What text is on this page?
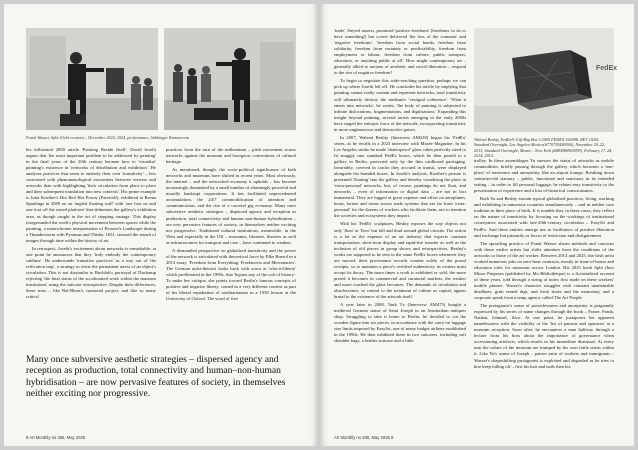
Frank Wasser, Split (Gebi version) – December 2024, 2024, performance, Sabbinger Kunstverein

his influential 2000 article 'Painting Beside Itself', David Joselit argues that 'the most important problem to be addressed by painting' in the final years of the 20th century became how to 'visualise' painting's existence in 'networks of distribution and exhibition'. He analyses practices that seem to embody their own 'transitivity' – less concerned with phenomenological encounters between viewers and artworks than with highlighting 'their circulation from place to place and their subsequent translation into new contexts'. His prime example is Jutta Koether's Hot Red Hot Power (Farewell), exhibited at Reena Spaulings in 2009 on an 'angled floating wall' with 'one foot on and one foot off the raised platform' that delineates the gallery's exhibition area, as though caught in the act of stepping onstage. This display foregrounded the work's physical movement between spaces while the painting, a monochrome interpretation of Poussin's Landscape during a Thunderstorm with Pyramus and Thisbe, 1651, stressed the transit of images through time within the history of art.

In retrospect, Joselit's excitement about networks is remarkable; at one point he announces that they 'truly embody the contemporary sublime'. He understands 'transitive practices' as a way out of 'the reification trap', a strategy to resist the permanent arrest of an object's circulation. This is not dissimilar to Buchloh's portrayal of Duchamp rejecting 'the final status of the acculturated work within the museum institutions' using the suitcase retrospective. Despite their differences, these texts – like Bal-Blanc's curatorial project, and like so many critical

practices from the turn of the millennium – pitch movement across networks against the museum and bourgeois conventions of cultural heritage.

As mentioned, though, the socio-political significance of both networks and museums have shifted in recent years. Most obviously, the internet – and the networked economy it upholds – has become increasingly dominated by a small number of alarmingly powerful and morally bankrupt corporations. It has facilitated unprecedented accumulation, the 24/7 commodification of attention and communication, and the rise of a carceral gig economy. Many once subversive aesthetic strategies – dispersed agency and reception as production, total connectivity and human–non-human hybridisation – are now pervasive features of society, in themselves neither exciting nor progressive. Traditional cultural institutions, meanwhile, in the West and especially in the UK – museums, libraries, theatres as well as infrastructures for transport and care – have continued to weaken.

A dismantled perspective on globalised transitivity and the power of the network is articulated with theoretical force by Elke Buerol in a 2013 essay, 'Freedom from Everything: Freelancers and Mercenaries'. The German artist-theorist looks back with scorn at 'who-is-liberty' which proliferated in the 1990s, that 'bypass any of the cult of history'. To make her critique, she points toward Berlin's famous concepts of positive and negative liberty, coined in a very different context as part of his liberal repudiation of totalitarianism in a 1958 lecture at the University of Oxford. The word of free

Many once subversive aesthetic strategies – dispersed agency and reception as production, total connectivity and human–non-human hybridisation – are now pervasive features of society, in themselves neither exciting nor progressive.
8 Art Monthly no 486, May 2025

'trade', Steyerl asserts, promised 'positive freedoms' (freedoms 'to do or have something') but covert delivered 'the loss of the common' and 'negative freedoms': 'freedom from social bonds, freedom from solidarity, freedom from certainty or predictability, freedom from employment or labour, freedom from culture, public transport, education, or anything public at all'. How might contemporary art – generally allied to notions of aesthetic and social liberation – respond to the rise of negative freedom?

To begin to negotiate this wide-reaching question, perhaps we can pick up where Joselit left off. He concludes his article by implying that painting cannot really contain and represent networks; total transitivity will ultimately destroy the medium's 'vestigial coherence'. 'What it enters into networks', he writes, 'the body of painting is subjected to infinite dislocations, fragmentations, and digitisations.' Expanding this insight beyond painting, several artists emerging in the early 2000s have staged the entropic force of the network, incorporating transitivity in more unglamorous and destructive guises.

In 2007, Walead Beshty (Interview AM418) began his 'FedEx' series, as he recalls in a 2023 interview with Musée Magazine. In his Los Angeles studio he made 'shatterproof' glass cubes perfectly sized to fit snuggly into standard FedEx boxes, which he then posted to a gallery in Berlin, protected only by the thin cardboard packaging. Invariably, covered in cracks they accrued in transit, were displayed alongside the branded boxes. In Joselit's analysis, Koether's picture is presented 'floating' into the gallery and thereby visualising the place in 'extra-personal' networks, but, of course, paintings do not float, and networks – even of information or digital data – are not in fact immaterial. They are lugged at great expense and effort on aeroplanes, boats, lorries and trains across trade systems that are far from 'extra-personal' for the dozens of workers who facilitate them, not to mention the societies and ecosystems they impact.

With his 'FedEx' sculptures, Beshty exposes the way objects not only 'float' or 'flow' but fall and thud around global circuits. The action is a lot as the expense of an art industry that expects constant transportation, short-term display and rapid-fire transfer as well as the inclusion of old pieces in group shows and retrospectives. Beshty's works are supposed to be sent in the same FedEx boxes whenever they are moved: their provenance records content solely of the postal receipts, so to maintain a piece's certified authenticity its owners must accept its decay. The more times a work is exhibited or sold, the more prized it becomes in commercial and curatorial markets, the weaker and more cracked the glass becomes. The demands of circulation and obsolescence, so central to the treatment of culture as capital, appear brutal to the existence of the artwork itself.

A year later in 2008, Tank Tv (Interview AM475) bought a medieval German statue of Saint Joseph in an Amsterdam antiques shop. Struggling to take it home to Berlin, he decided to cut the wooden figure into six pieces, in accordance with the carry-on luggage size limits imposed by EasyJet, one of many budget airlines established in the 1990s. He then exhibited these in two suitcases, including soft shoulder bags, a leather suitcase and a little

FedEx
Walead Beshty, FedEx® Gift Bag Box ©2005 FEDEX 160098, REV 10/05, Standard Overnight, Los Angeles-Mexico(#770739440000), November 20–22, 2013, Standard Overnight, Miami – New York (#880886900999), February 17–24, 2014, 2010–

trolley. In these assemblages Yu stresses the status of artworks as mobile commodities, briefly passing through the gallery which becomes a 'non-place' of transience and anonymity, like an airport lounge. Breaking down centuries-old statuary – public, functional and sanctuary in its intended setting – in order to fill personal luggage, he relates easy transitivity to the privatisation of experience and a loss of historical consciousness.

Both Yu and Beshty sustain typical globalised practices, living, working and exhibiting in numerous countries simultaneously – and in neither case tradition in their place of birth. It is notable that, in these cases, they reflect on the nature of transitivity by focusing on the workings of institutional conveyance associated with late-20th-century circulation – EasyJet and FedEx. And these entities emerge not as facilitators of positive liberation and exchange but primarily as forces of restriction and disfigurement.

The sprawling practice of Frank Wasser shares methods and concerns with those earlier artists but shifts attention from the conditions of the artworks to those of the art worker. Between 2014 and 2025, the Irish artist worked numerous jobs on zero-hour contracts, mostly in front-of-house and education roles for museums across London. His 2023 book Split (Into Minor Purposes (published by Ma Bibliothèque) is a fictionalised account of these years, told through a string of notes first made on these workers' mobile phones. Wasser's character struggles with constant unattainable deadlines, grim rented digs, and fresh shoes and the monotony, and a corporate speak from a temp agency called The Art People.

The protagonist's sense of powerlessness and anonymity is poignantly expressed by his series of name changes through the book – Fraser, Frank, Nathan, Ishmael, Zero. At one point, he juxtaposes his apparent namelessness with the visibility of the 'list of patrons and sponsors' at a museum reception. Soon after, he encounters a man halfway through a lecture from his boss about the importance of governance when accessioning artefacts, which results in his immediate dismissal. At every turn the values of the museum are trumped by his own futile status within it. Like Yu's statue of Joseph – patron saint of workers and immigrants – Wasser's shapeshifting protagonist is exploited and degraded as he tries to hire keep falling off – first his hair and nails then his

Art Monthly no 486, May 2025 9
